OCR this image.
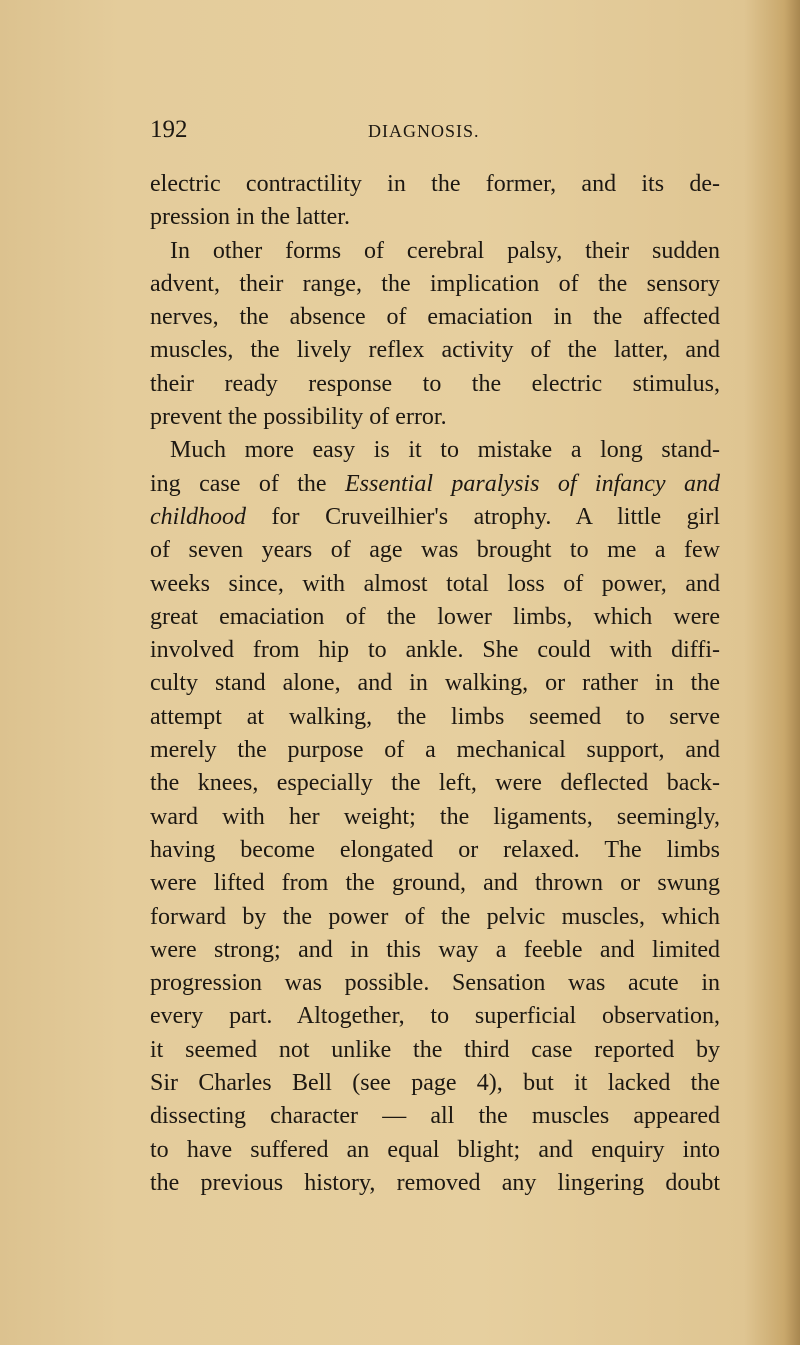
192	DIAGNOSIS.
electric contractility in the former, and its de-
pression in the latter.
In other forms of cerebral palsy, their sudden
advent, their range, the implication of the sensory
nerves, the absence of emaciation in the affected
muscles, the lively reflex activity of the latter, and
their ready response to the electric stimulus,
prevent the possibility of error.
Much more easy is it to mistake a long stand-
ing case of the Essential paralysis of infancy and
childhood for Cruveilhier's atrophy. A little girl
of seven years of age was brought to me a few
weeks since, with almost total loss of power, and
great emaciation of the lower limbs, which were
involved from hip to ankle. She could with diffi-
culty stand alone, and in walking, or rather in the
attempt at walking, the limbs seemed to serve
merely the purpose of a mechanical support, and
the knees, especially the left, were deflected back-
ward with her weight; the ligaments, seemingly,
having become elongated or relaxed. The limbs
were lifted from the ground, and thrown or swung
forward by the power of the pelvic muscles, which
were strong; and in this way a feeble and limited
progression was possible. Sensation was acute in
every part. Altogether, to superficial observation,
it seemed not unlike the third case reported by
Sir Charles Bell (see page 4), but it lacked the
dissecting character — all the muscles appeared
to have suffered an equal blight; and enquiry into
the previous history, removed any lingering doubt
